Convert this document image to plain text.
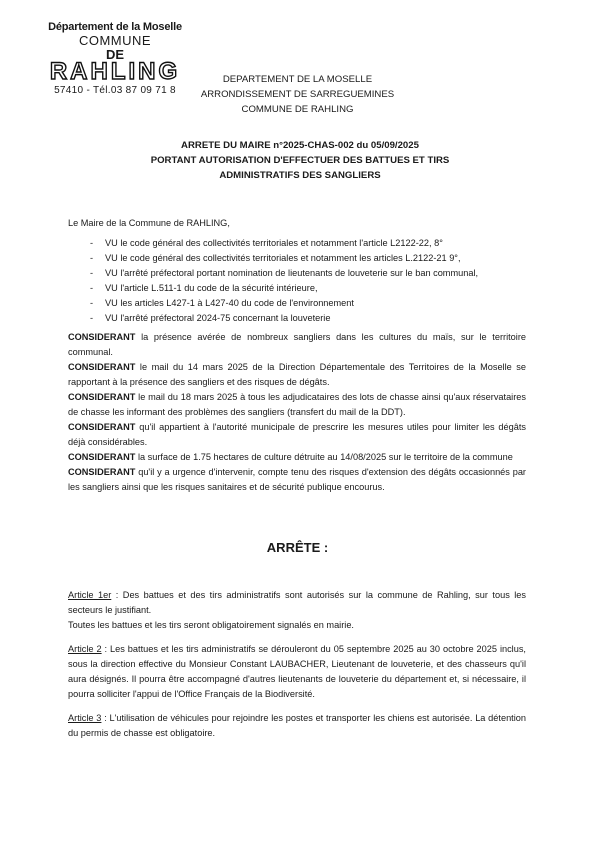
Département de la Moselle
COMMUNE
DE
RAHLING
57410 - Tél.03 87 09 71 8
DEPARTEMENT DE LA MOSELLE
ARRONDISSEMENT DE SARREGUEMINES
COMMUNE DE RAHLING
ARRETE DU MAIRE n°2025-CHAS-002 du 05/09/2025
PORTANT AUTORISATION D'EFFECTUER DES BATTUES ET TIRS
ADMINISTRATIFS DES SANGLIERS

Le Maire de la Commune de RAHLING,

- VU le code général des collectivités territoriales et notamment l'article L2122-22, 8°
- VU le code général des collectivités territoriales et notamment les articles L.2122-21 9°,
- VU l'arrêté préfectoral portant nomination de lieutenants de louveterie sur le ban communal,
- VU l'article L.511-1 du code de la sécurité intérieure,
- VU les articles L427-1 à L427-40 du code de l'environnement
- VU l'arrêté préfectoral 2024-75 concernant la louveterie

CONSIDERANT la présence avérée de nombreux sangliers dans les cultures du maïs, sur le territoire communal.

CONSIDERANT le mail du 14 mars 2025 de la Direction Départementale des Territoires de la Moselle se rapportant à la présence des sangliers et des risques de dégâts.

CONSIDERANT le mail du 18 mars 2025 à tous les adjudicataires des lots de chasse ainsi qu'aux réservataires de chasse les informant des problèmes des sangliers (transfert du mail de la DDT).

CONSIDERANT qu'il appartient à l'autorité municipale de prescrire les mesures utiles pour limiter les dégâts déjà considérables.

CONSIDERANT la surface de 1.75 hectares de culture détruite au 14/08/2025 sur le territoire de la commune

CONSIDERANT qu'il y a urgence d'intervenir, compte tenu des risques d'extension des dégâts occasionnés par les sangliers ainsi que les risques sanitaires et de sécurité publique encourus.

ARRÊTE :

Article 1er : Des battues et des tirs administratifs sont autorisés sur la commune de Rahling, sur tous les secteurs le justifiant.

Toutes les battues et les tirs seront obligatoirement signalés en mairie.

Article 2 : Les battues et les tirs administratifs se dérouleront du 05 septembre 2025 au 30 octobre 2025 inclus, sous la direction effective du Monsieur Constant LAUBACHER, Lieutenant de louveterie, et des chasseurs qu'il aura désignés. Il pourra être accompagné d'autres lieutenants de louveterie du département et, si nécessaire, il pourra solliciter l'appui de l'Office Français de la Biodiversité.

Article 3 : L'utilisation de véhicules pour rejoindre les postes et transporter les chiens est autorisée. La détention du permis de chasse est obligatoire.
